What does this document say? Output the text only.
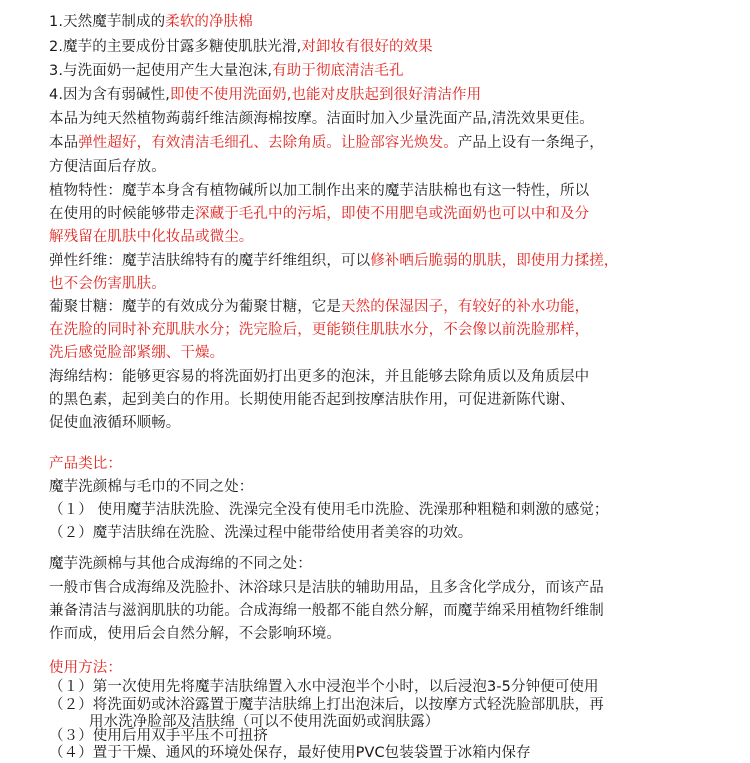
1.天然魔芋制成的柔软的净肤棉
2.魔芋的主要成份甘露多糖使肌肤光滑,对卸妆有很好的效果
3.与洗面奶一起使用产生大量泡沫,有助于彻底清洁毛孔
4.因为含有弱碱性,即使不使用洗面奶,也能对皮肤起到很好清洁作用
本品为纯天然植物蒟蒻纤维洁颜海棉按摩。洁面时加入少量洗面产品,清洗效果更佳。
本品弹性超好，有效清洁毛细孔、去除角质。让脸部容光焕发。产品上设有一条绳子，
方便洁面后存放。
植物特性：魔芋本身含有植物碱所以加工制作出来的魔芋洁肤棉也有这一特性，所以
在使用的时候能够带走深藏于毛孔中的污垢，即使不用肥皂或洗面奶也可以中和及分
解残留在肌肤中化妆品或微尘。
弹性纤维：魔芋洁肤绵特有的魔芋纤维组织，可以修补晒后脆弱的肌肤，即使用力揉搓，
也不会伤害肌肤。
葡聚甘糖：魔芋的有效成分为葡聚甘糖，它是天然的保湿因子，有较好的补水功能，
在洗脸的同时补充肌肤水分；洗完脸后，更能锁住肌肤水分，不会像以前洗脸那样，
洗后感觉脸部紧绷、干燥。
海绵结构：能够更容易的将洗面奶打出更多的泡沫，并且能够去除角质以及角质层中
的黑色素，起到美白的作用。长期使用能否起到按摩洁肤作用，可促进新陈代谢、
促使血液循环顺畅。
产品类比：
魔芋洗颜棉与毛巾的不同之处：
（１） 使用魔芋洁肤洗脸、洗澡完全没有使用毛巾洗脸、洗澡那种粗糙和刺激的感觉；
（２）魔芋洁肤绵在洗脸、洗澡过程中能带给使用者美容的功效。
魔芋洗颜棉与其他合成海绵的不同之处：
一般市售合成海绵及洗脸扑、沐浴球只是洁肤的辅助用品，且多含化学成分，而该产品
兼备清洁与滋润肌肤的功能。合成海绵一般都不能自然分解，而魔芋绵采用植物纤维制
作而成，使用后会自然分解，不会影响环境。
使用方法：
（１）第一次使用先将魔芋洁肤绵置入水中浸泡半个小时，以后浸泡3-5分钟便可使用
（２）将洗面奶或沐浴露置于魔芋洁肤绵上打出泡沫后，以按摩方式轻洗脸部肌肤，再
用水洗净脸部及洁肤绵（可以不使用洗面奶或润肤露）
（３）使用后用双手平压不可扭挤
（４）置于干燥、通风的环境处保存，最好使用PVC包装袋置于冰箱内保存
